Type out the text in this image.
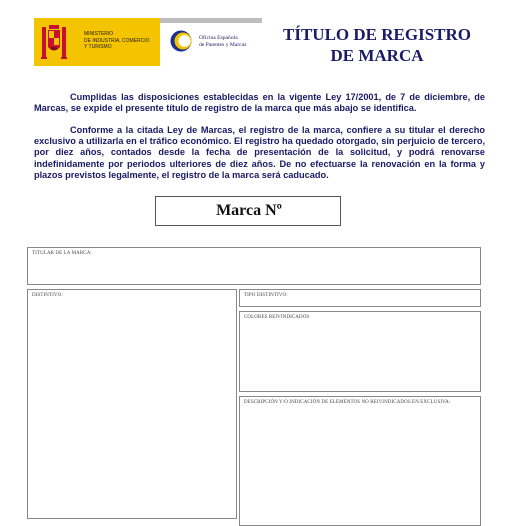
MINISTERIO
DE INDUSTRIA, COMERCIO
Y TURISMO
Oficina Española
de Patentes y Marcas
TÍTULO DE REGISTRO
DE MARCA
Cumplidas las disposiciones establecidas en la vigente Ley 17/2001, de 7 de diciembre, de Marcas, se expide el presente título de registro de la marca que más abajo se identifica.
Conforme a la citada Ley de Marcas, el registro de la marca, confiere a su titular el derecho exclusivo a utilizarla en el tráfico económico. El registro ha quedado otorgado, sin perjuicio de tercero, por diez años, contados desde la fecha de presentación de la solicitud, y podrá renovarse indefinidamente por periodos ulteriores de diez años. De no efectuarse la renovación en la forma y plazos previstos legalmente, el registro de la marca será caducado.
Marca Nº
TITULAR DE LA MARCA:
DISTINTIVO:	TIPO DISTINTIVO:
COLORES REIVINDICADOS
DESCRIPCIÓN Y/O INDICACIÓN DE ELEMENTOS NO REIVINDICADOS EN EXCLUSIVA:
